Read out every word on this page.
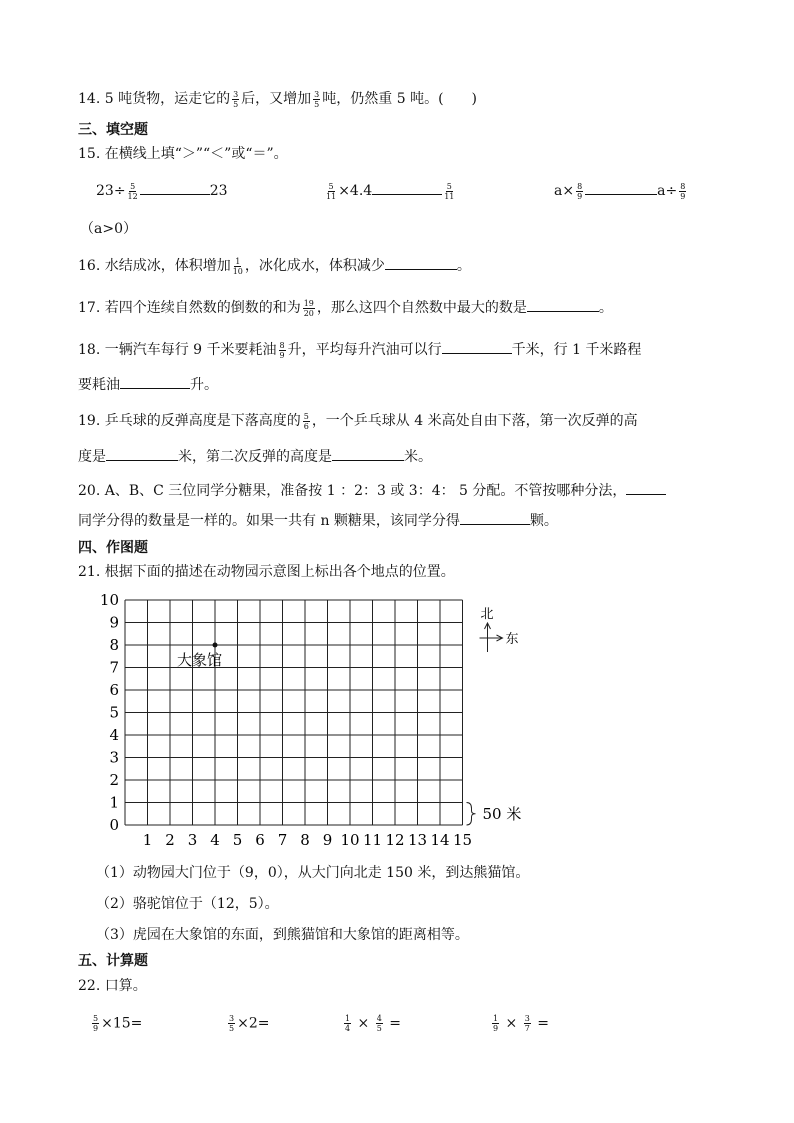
14. 5 吨货物，运走它的 $\frac{3}{5}$ 后，又增加 $\frac{3}{5}$ 吨，仍然重 5 吨。(　　)
三、填空题
15. 在横线上填“＞”“＜”或“＝”。
$23\div \frac{5}{12}$	23	$\frac{5}{11} \times 4.4$	$\frac{5}{11}$	$a\times \frac{8}{9}$	$a\div \frac{8}{9}$
（a>0）
16. 水结成冰，体积增加 $\frac{1}{10}$ ，冰化成水，体积减少	。
17. 若四个连续自然数的倒数的和为 $\frac{19}{20}$ ，那么这四个自然数中最大的数是	。
18. 一辆汽车每行 9 千米要耗油 $\frac{8}{9}$ 升，平均每升汽油可以行	千米，行 1 千米路程
要耗油	升。
19. 乒乓球的反弹高度是下落高度的 $\frac{5}{6}$ ，一个乒乓球从 4 米高处自由下落，第一次反弹的高
度是	米，第二次反弹的高度是	米。
20. A、B、C 三位同学分糖果，准备按 1 ：2：3 或 3：4： 5 分配。不管按哪种分法，
同学分得的数量是一样的。如果一共有 n 颗糖果，该同学分得	颗。
四、作图题
21. 根据下面的描述在动物园示意图上标出各个地点的位置。
1 2 3 4 5 6 7 8 9 10 11 12 13 14 15
0
1
2
3
4
5
6
7
8
9
10
大象馆
50 米
北
东
（1）动物园大门位于（9，0），从大门向北走 150 米，到达熊猫馆。
（2）骆驼馆位于（12，5）。
（3）虎园在大象馆的东面，到熊猫馆和大象馆的距离相等。
五、计算题
22. 口算。
$\frac{5}{9} \times 15=$	$\frac{3}{5} \times 2=$	$\frac{1}{4} \times \frac{4}{5}$ =	$\frac{1}{9} \times \frac{3}{7}$ =
